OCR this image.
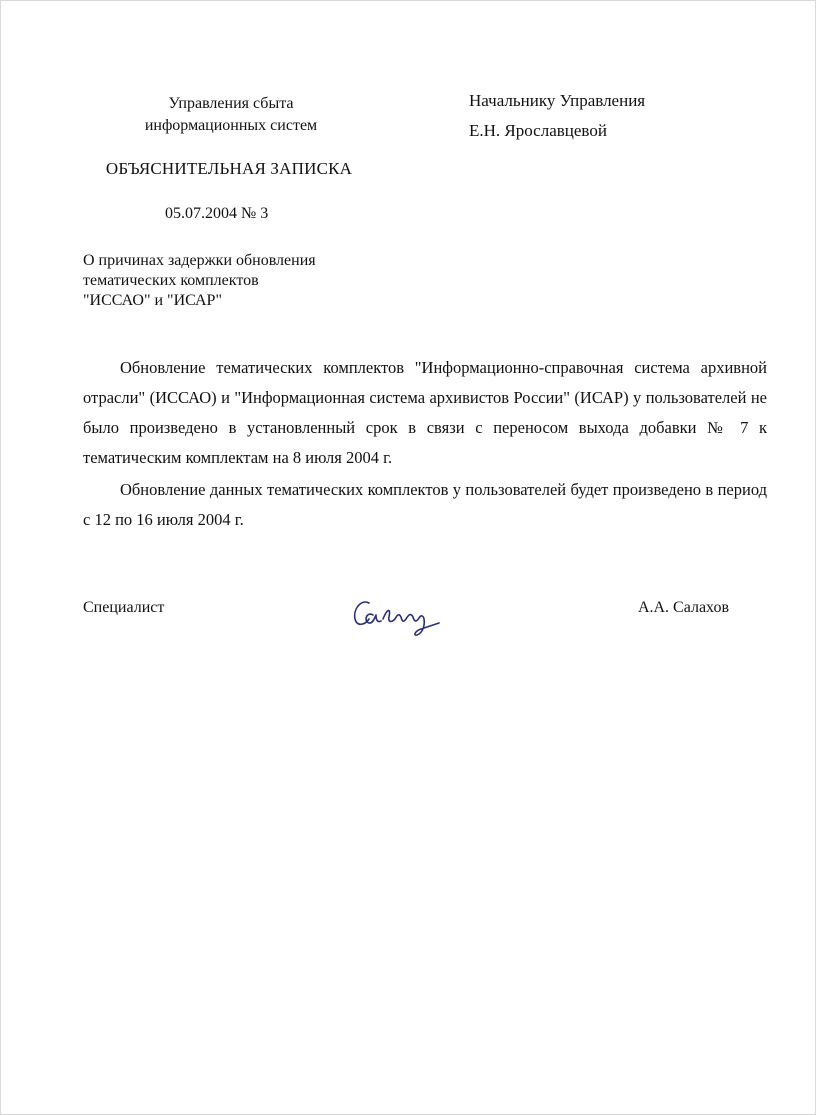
Управления сбыта
информационных систем
Начальнику Управления
Е.Н. Ярославцевой
ОБЪЯСНИТЕЛЬНАЯ ЗАПИСКА
05.07.2004 № 3
О причинах задержки обновления
тематических комплектов
"ИССАО" и "ИСАР"

Обновление тематических комплектов "Информационно-справочная система архивной отрасли" (ИССАО) и "Информационная система архивистов России" (ИСАР) у пользователей не было произведено в установленный срок в связи с переносом выхода добавки № 7 к тематическим комплектам на 8 июля 2004 г.

Обновление данных тематических комплектов у пользователей будет произведено в период с 12 по 16 июля 2004 г.

Специалист	А.А. Салахов
